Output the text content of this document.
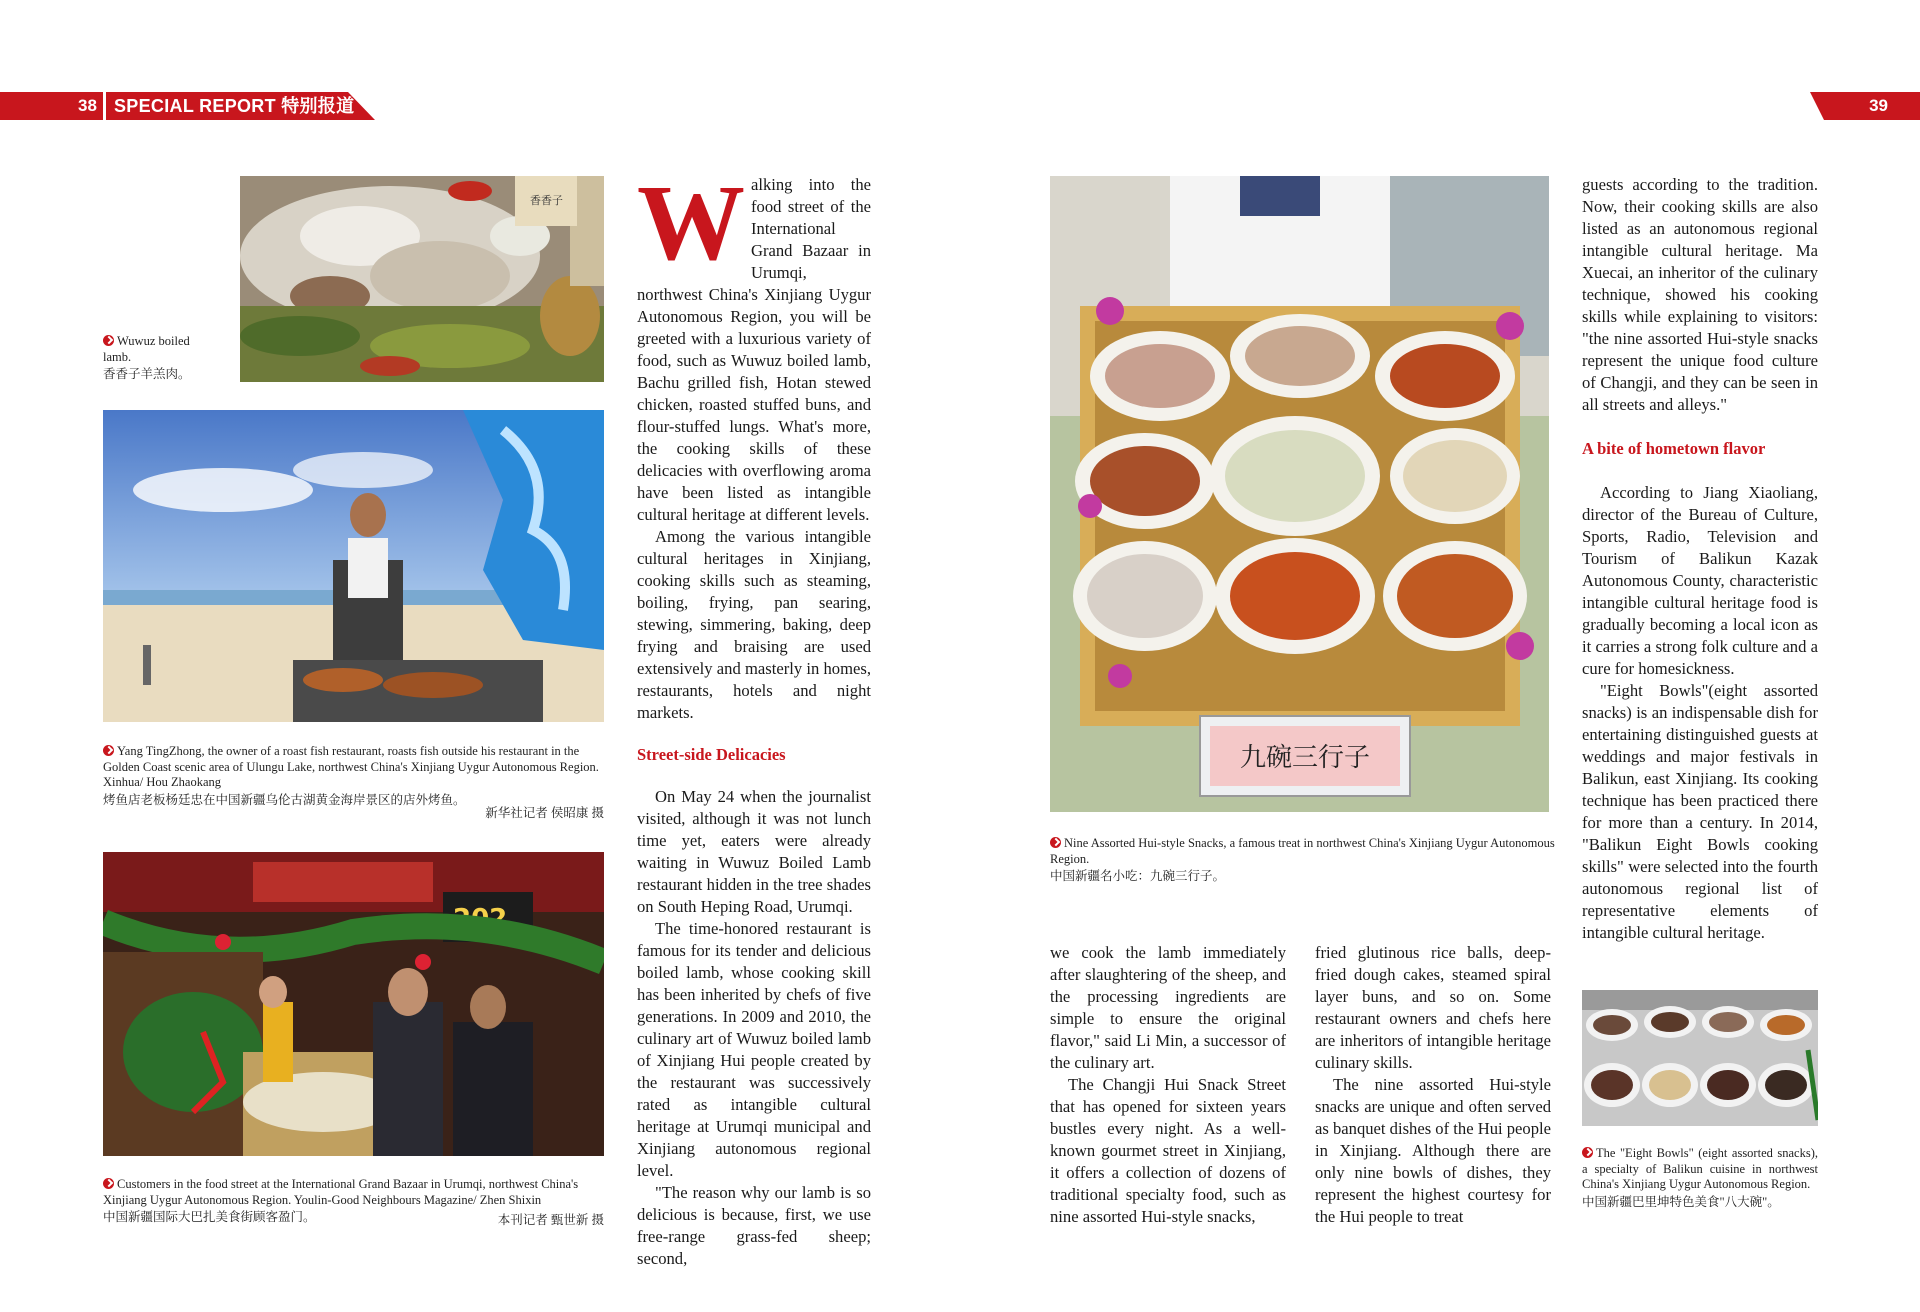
38 SPECIAL REPORT 特别报道	39
香香子
Wuwuz boiled lamb.
香香子羊羔肉。
Yang TingZhong, the owner of a roast fish restaurant, roasts fish outside his restaurant in the Golden Coast scenic area of Ulungu Lake, northwest China's Xinjiang Uygur Autonomous Region. Xinhua/ Hou Zhaokang
烤鱼店老板杨廷忠在中国新疆乌伦古湖黄金海岸景区的店外烤鱼。
新华社记者 侯昭康 摄
202
Customers in the food street at the International Grand Bazaar in Urumqi, northwest China's Xinjiang Uygur Autonomous Region. Youlin-Good Neighbours Magazine/ Zhen Shixin
中国新疆国际大巴扎美食街顾客盈门。	本刊记者 甄世新 摄
W alking into the food street of the International Grand Bazaar in Urumqi, northwest China's Xinjiang Uygur Autonomous Region, you will be greeted with a luxurious variety of food, such as Wuwuz boiled lamb, Bachu grilled fish, Hotan stewed chicken, roasted stuffed buns, and flour-stuffed lungs. What's more, the cooking skills of these delicacies with overflowing aroma have been listed as intangible cultural heritage at different levels.

Among the various intangible cultural heritages in Xinjiang, cooking skills such as steaming, boiling, frying, pan searing, stewing, simmering, baking, deep frying and braising are used extensively and masterly in homes, restaurants, hotels and night markets.

Street-side Delicacies

On May 24 when the journalist visited, although it was not lunch time yet, eaters were already waiting in Wuwuz Boiled Lamb restaurant hidden in the tree shades on South Heping Road, Urumqi.

The time-honored restaurant is famous for its tender and delicious boiled lamb, whose cooking skill has been inherited by chefs of five generations. In 2009 and 2010, the culinary art of Wuwuz boiled lamb of Xinjiang Hui people created by the restaurant was successively rated as intangible cultural heritage at Urumqi municipal and Xinjiang autonomous regional level.

"The reason why our lamb is so delicious is because, first, we use free-range grass-fed sheep; second,

九碗三行子
Nine Assorted Hui-style Snacks, a famous treat in northwest China's Xinjiang Uygur Autonomous Region.
中国新疆名小吃：九碗三行子。

we cook the lamb immediately after slaughtering of the sheep, and the processing ingredients are simple to ensure the original flavor," said Li Min, a successor of the culinary art.

The Changji Hui Snack Street that has opened for sixteen years bustles every night. As a well-known gourmet street in Xinjiang, it offers a collection of dozens of traditional specialty food, such as nine assorted Hui-style snacks,

fried glutinous rice balls, deep-fried dough cakes, steamed spiral layer buns, and so on. Some restaurant owners and chefs here are inheritors of intangible heritage culinary skills.

The nine assorted Hui-style snacks are unique and often served as banquet dishes of the Hui people in Xinjiang. Although there are only nine bowls of dishes, they represent the highest courtesy for the Hui people to treat

guests according to the tradition. Now, their cooking skills are also listed as an autonomous regional intangible cultural heritage. Ma Xuecai, an inheritor of the culinary technique, showed his cooking skills while explaining to visitors: "the nine assorted Hui-style snacks represent the unique food culture of Changji, and they can be seen in all streets and alleys."

A bite of hometown flavor

According to Jiang Xiaoliang, director of the Bureau of Culture, Sports, Radio, Television and Tourism of Balikun Kazak Autonomous County, characteristic intangible cultural heritage food is gradually becoming a local icon as it carries a strong folk culture and a cure for homesickness.

"Eight Bowls"(eight assorted snacks) is an indispensable dish for entertaining distinguished guests at weddings and major festivals in Balikun, east Xinjiang. Its cooking technique has been practiced there for more than a century. In 2014, "Balikun Eight Bowls cooking skills" were selected into the fourth autonomous regional list of representative elements of intangible cultural heritage.

The "Eight Bowls" (eight assorted snacks), a specialty of Balikun cuisine in northwest China's Xinjiang Uygur Autonomous Region.
中国新疆巴里坤特色美食"八大碗"。
